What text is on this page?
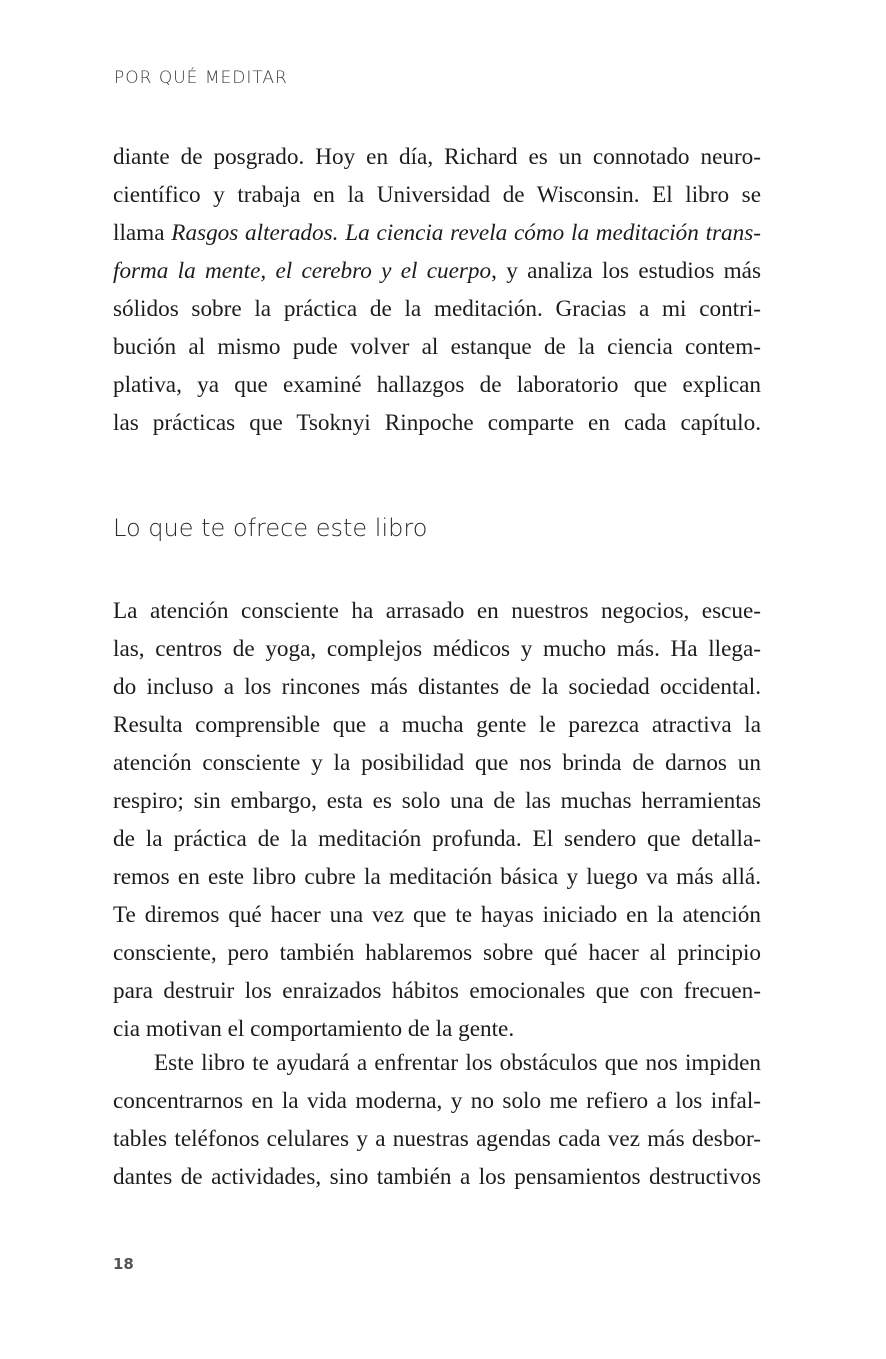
POR QUÉ MEDITAR
diante de posgrado. Hoy en día, Richard es un connotado neuro-
científico y trabaja en la Universidad de Wisconsin. El libro se
llama Rasgos alterados. La ciencia revela cómo la meditación trans-
forma la mente, el cerebro y el cuerpo, y analiza los estudios más
sólidos sobre la práctica de la meditación. Gracias a mi contri-
bución al mismo pude volver al estanque de la ciencia contem-
plativa, ya que examiné hallazgos de laboratorio que explican
las prácticas que Tsoknyi Rinpoche comparte en cada capítulo.
Lo que te ofrece este libro
La atención consciente ha arrasado en nuestros negocios, escue-
las, centros de yoga, complejos médicos y mucho más. Ha llega-
do incluso a los rincones más distantes de la sociedad occidental.
Resulta comprensible que a mucha gente le parezca atractiva la
atención consciente y la posibilidad que nos brinda de darnos un
respiro; sin embargo, esta es solo una de las muchas herramientas
de la práctica de la meditación profunda. El sendero que detalla-
remos en este libro cubre la meditación básica y luego va más allá.
Te diremos qué hacer una vez que te hayas iniciado en la atención
consciente, pero también hablaremos sobre qué hacer al principio
para destruir los enraizados hábitos emocionales que con frecuen-
cia motivan el comportamiento de la gente.
Este libro te ayudará a enfrentar los obstáculos que nos impiden
concentrarnos en la vida moderna, y no solo me refiero a los infal-
tables teléfonos celulares y a nuestras agendas cada vez más desbor-
dantes de actividades, sino también a los pensamientos destructivos
18
